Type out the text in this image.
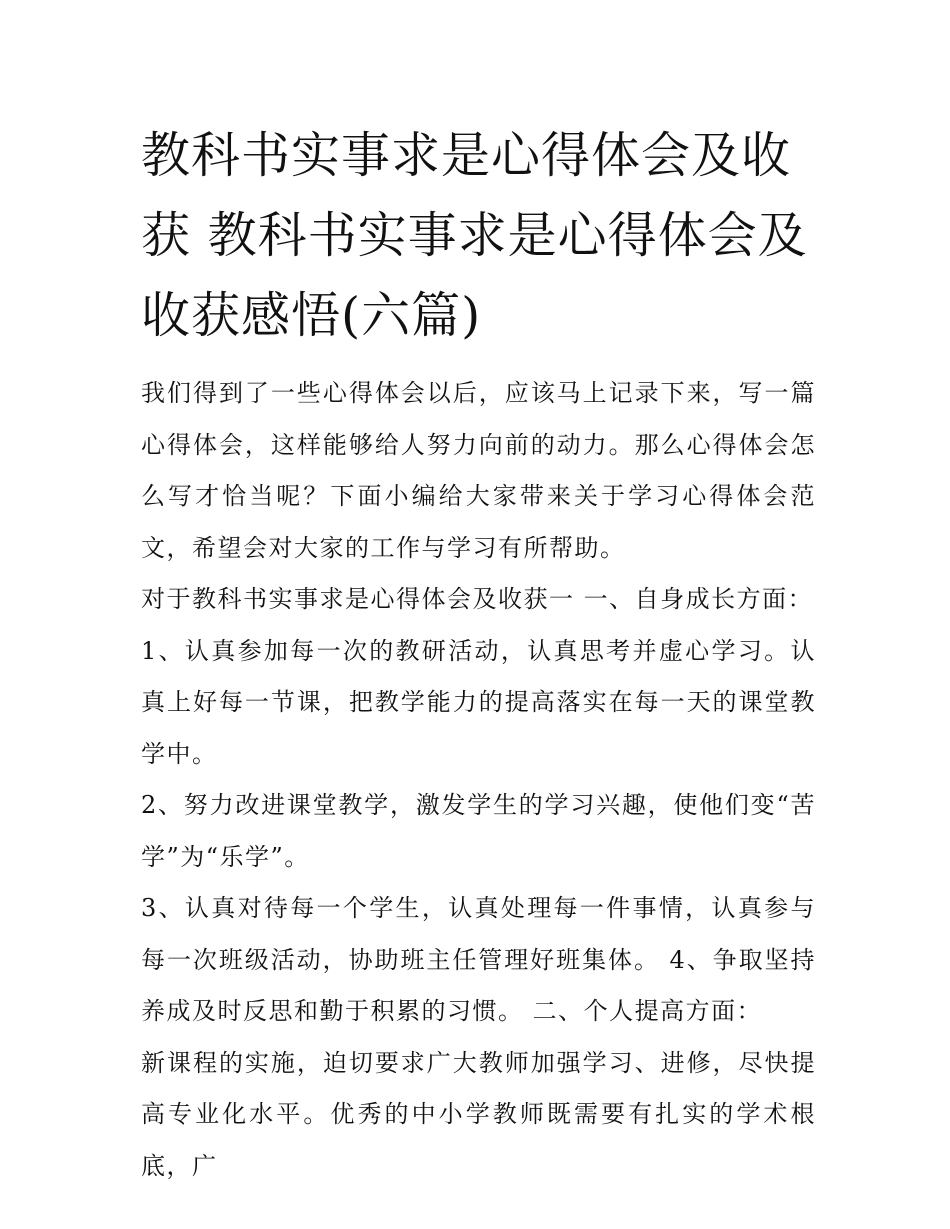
教科书实事求是心得体会及收获 教科书实事求是心得体会及收获感悟(六篇)

我们得到了一些心得体会以后，应该马上记录下来，写一篇心得体会，这样能够给人努力向前的动力。那么心得体会怎么写才恰当呢？下面小编给大家带来关于学习心得体会范文，希望会对大家的工作与学习有所帮助。

对于教科书实事求是心得体会及收获一 一、自身成长方面：

1、认真参加每一次的教研活动，认真思考并虚心学习。认真上好每一节课，把教学能力的提高落实在每一天的课堂教学中。

2、努力改进课堂教学，激发学生的学习兴趣，使他们变“苦学”为“乐学”。

3、认真对待每一个学生，认真处理每一件事情，认真参与每一次班级活动，协助班主任管理好班集体。 4、争取坚持养成及时反思和勤于积累的习惯。 二、个人提高方面：

新课程的实施，迫切要求广大教师加强学习、进修，尽快提高专业化水平。优秀的中小学教师既需要有扎实的学术根底，广
